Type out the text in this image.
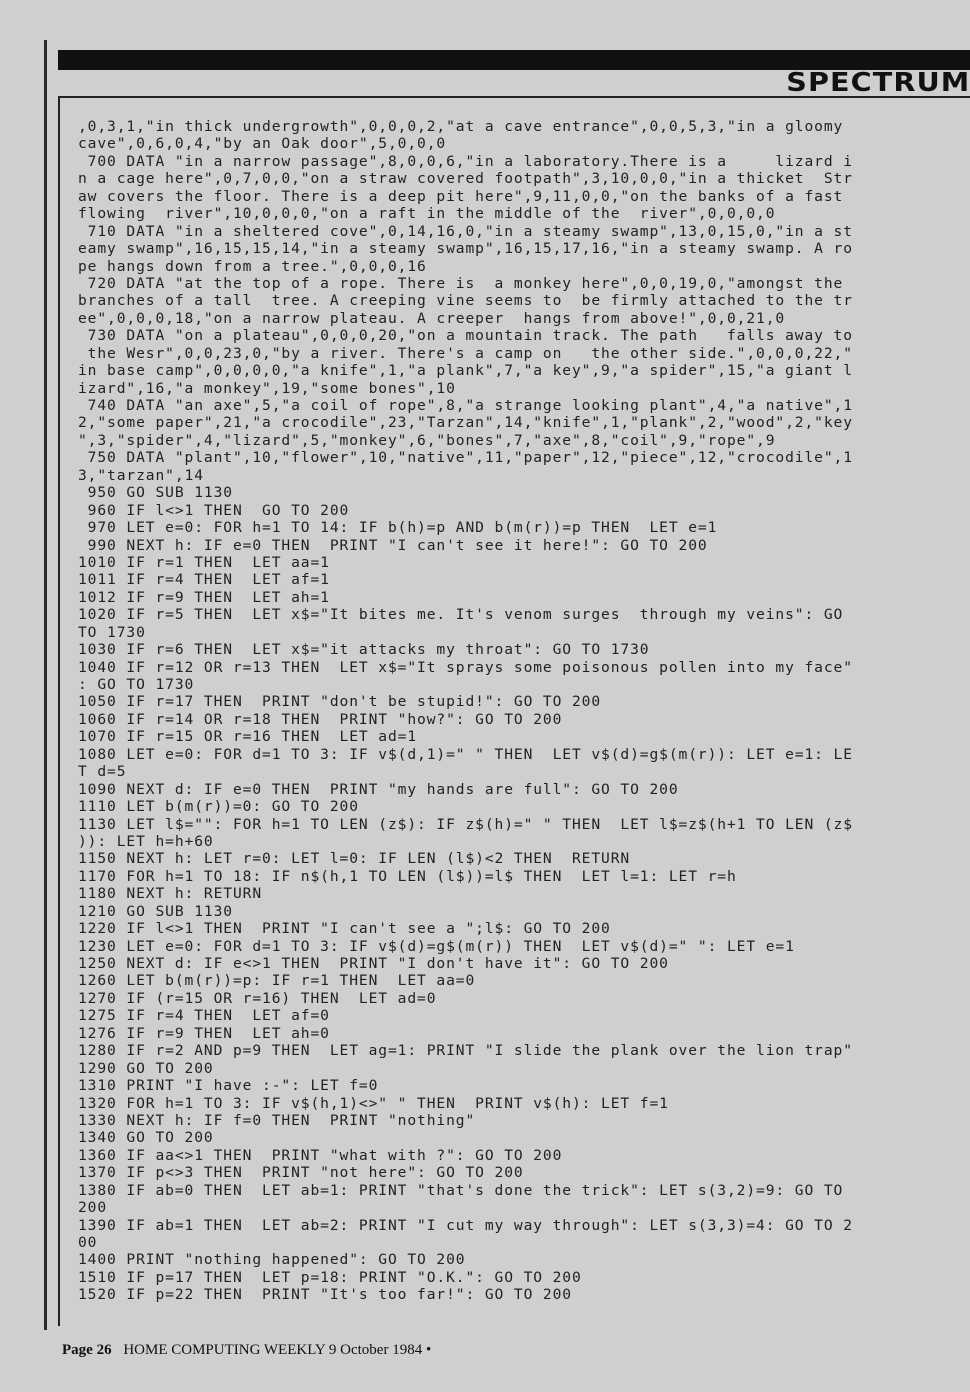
SPECTRUM
,0,3,1,"in thick undergrowth",0,0,0,2,"at a cave entrance",0,0,5,3,"in a gloomy
cave",0,6,0,4,"by an Oak door",5,0,0,0
700 DATA "in a narrow passage",8,0,0,6,"in a laboratory.There is a     lizard i
n a cage here",0,7,0,0,"on a straw covered footpath",3,10,0,0,"in a thicket  Str
aw covers the floor. There is a deep pit here",9,11,0,0,"on the banks of a fast
flowing  river",10,0,0,0,"on a raft in the middle of the  river",0,0,0,0
710 DATA "in a sheltered cove",0,14,16,0,"in a steamy swamp",13,0,15,0,"in a st
eamy swamp",16,15,15,14,"in a steamy swamp",16,15,17,16,"in a steamy swamp. A ro
pe hangs down from a tree.",0,0,0,16
720 DATA "at the top of a rope. There is  a monkey here",0,0,19,0,"amongst the
branches of a tall  tree. A creeping vine seems to  be firmly attached to the tr
ee",0,0,0,18,"on a narrow plateau. A creeper  hangs from above!",0,0,21,0
730 DATA "on a plateau",0,0,0,20,"on a mountain track. The path   falls away to
the Wesr",0,0,23,0,"by a river. There's a camp on   the other side.",0,0,0,22,"
in base camp",0,0,0,0,"a knife",1,"a plank",7,"a key",9,"a spider",15,"a giant l
izard",16,"a monkey",19,"some bones",10
740 DATA "an axe",5,"a coil of rope",8,"a strange looking plant",4,"a native",1
2,"some paper",21,"a crocodile",23,"Tarzan",14,"knife",1,"plank",2,"wood",2,"key
",3,"spider",4,"lizard",5,"monkey",6,"bones",7,"axe",8,"coil",9,"rope",9
750 DATA "plant",10,"flower",10,"native",11,"paper",12,"piece",12,"crocodile",1
3,"tarzan",14
950 GO SUB 1130
960 IF l<>1 THEN  GO TO 200
970 LET e=0: FOR h=1 TO 14: IF b(h)=p AND b(m(r))=p THEN  LET e=1
990 NEXT h: IF e=0 THEN  PRINT "I can't see it here!": GO TO 200
1010 IF r=1 THEN  LET aa=1
1011 IF r=4 THEN  LET af=1
1012 IF r=9 THEN  LET ah=1
1020 IF r=5 THEN  LET x$="It bites me. It's venom surges  through my veins": GO
TO 1730
1030 IF r=6 THEN  LET x$="it attacks my throat": GO TO 1730
1040 IF r=12 OR r=13 THEN  LET x$="It sprays some poisonous pollen into my face"
: GO TO 1730
1050 IF r=17 THEN  PRINT "don't be stupid!": GO TO 200
1060 IF r=14 OR r=18 THEN  PRINT "how?": GO TO 200
1070 IF r=15 OR r=16 THEN  LET ad=1
1080 LET e=0: FOR d=1 TO 3: IF v$(d,1)=" " THEN  LET v$(d)=g$(m(r)): LET e=1: LE
T d=5
1090 NEXT d: IF e=0 THEN  PRINT "my hands are full": GO TO 200
1110 LET b(m(r))=0: GO TO 200
1130 LET l$="": FOR h=1 TO LEN (z$): IF z$(h)=" " THEN  LET l$=z$(h+1 TO LEN (z$
)): LET h=h+60
1150 NEXT h: LET r=0: LET l=0: IF LEN (l$)<2 THEN  RETURN
1170 FOR h=1 TO 18: IF n$(h,1 TO LEN (l$))=l$ THEN  LET l=1: LET r=h
1180 NEXT h: RETURN
1210 GO SUB 1130
1220 IF l<>1 THEN  PRINT "I can't see a ";l$: GO TO 200
1230 LET e=0: FOR d=1 TO 3: IF v$(d)=g$(m(r)) THEN  LET v$(d)=" ": LET e=1
1250 NEXT d: IF e<>1 THEN  PRINT "I don't have it": GO TO 200
1260 LET b(m(r))=p: IF r=1 THEN  LET aa=0
1270 IF (r=15 OR r=16) THEN  LET ad=0
1275 IF r=4 THEN  LET af=0
1276 IF r=9 THEN  LET ah=0
1280 IF r=2 AND p=9 THEN  LET ag=1: PRINT "I slide the plank over the lion trap"
1290 GO TO 200
1310 PRINT "I have :-": LET f=0
1320 FOR h=1 TO 3: IF v$(h,1)<>" " THEN  PRINT v$(h): LET f=1
1330 NEXT h: IF f=0 THEN  PRINT "nothing"
1340 GO TO 200
1360 IF aa<>1 THEN  PRINT "what with ?": GO TO 200
1370 IF p<>3 THEN  PRINT "not here": GO TO 200
1380 IF ab=0 THEN  LET ab=1: PRINT "that's done the trick": LET s(3,2)=9: GO TO
200
1390 IF ab=1 THEN  LET ab=2: PRINT "I cut my way through": LET s(3,3)=4: GO TO 2
00
1400 PRINT "nothing happened": GO TO 200
1510 IF p=17 THEN  LET p=18: PRINT "O.K.": GO TO 200
1520 IF p=22 THEN  PRINT "It's too far!": GO TO 200
Page 26 HOME COMPUTING WEEKLY 9 October 1984 •
